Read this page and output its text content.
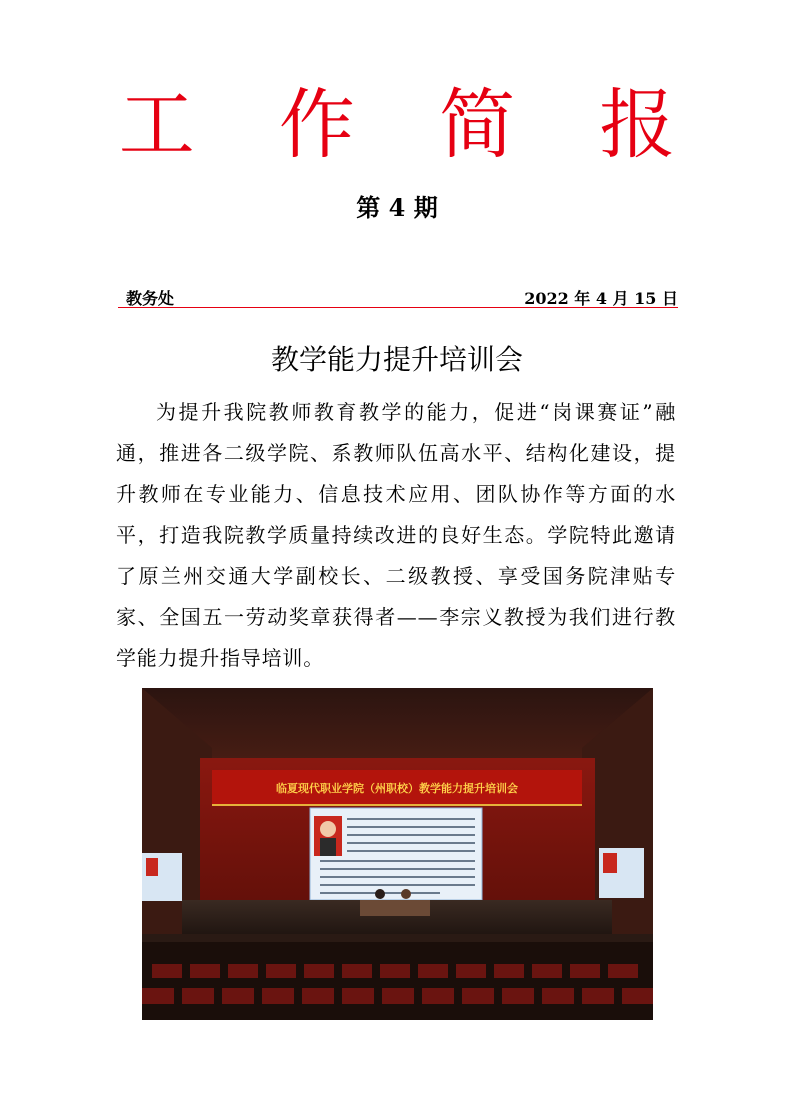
工 作 简 报
第 4 期
教务处	2022 年 4 月 15 日
教学能力提升培训会

为提升我院教师教育教学的能力，促进“岗课赛证”融通，推进各二级学院、系教师队伍高水平、结构化建设，提升教师在专业能力、信息技术应用、团队协作等方面的水平，打造我院教学质量持续改进的良好生态。学院特此邀请了原兰州交通大学副校长、二级教授、享受国务院津贴专家、全国五一劳动奖章获得者——李宗义教授为我们进行教学能力提升指导培训。

临夏现代职业学院（州职校）教学能力提升培训会
